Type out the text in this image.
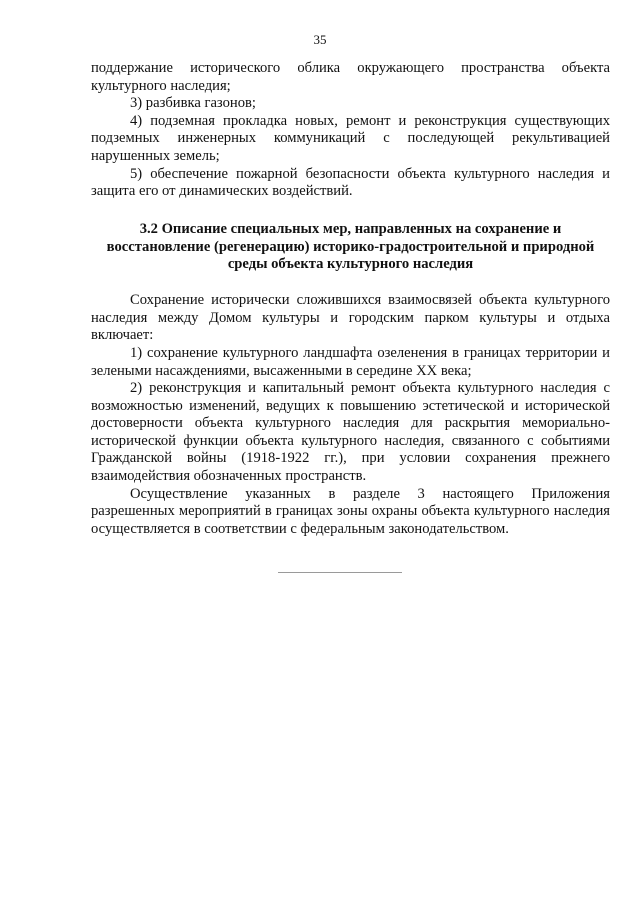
35

поддержание исторического облика окружающего пространства объекта культурного наследия;

3) разбивка газонов;

4) подземная прокладка новых, ремонт и реконструкция существующих подземных инженерных коммуникаций с последующей рекультивацией нарушенных земель;

5) обеспечение пожарной безопасности объекта культурного наследия и защита его от динамических воздействий.

3.2 Описание специальных мер, направленных на сохранение и восстановление (регенерацию) историко-градостроительной и природной среды объекта культурного наследия

Сохранение исторически сложившихся взаимосвязей объекта культурного наследия между Домом культуры и городским парком культуры и отдыха включает:

1) сохранение культурного ландшафта озеленения в границах территории и зелеными насаждениями, высаженными в середине XX века;

2) реконструкция и капитальный ремонт объекта культурного наследия с возможностью изменений, ведущих к повышению эстетической и исторической достоверности объекта культурного наследия для раскрытия мемориально-исторической функции объекта культурного наследия, связанного с событиями Гражданской войны (1918-1922 гг.), при условии сохранения прежнего взаимодействия обозначенных пространств.

Осуществление указанных в разделе 3 настоящего Приложения разрешенных мероприятий в границах зоны охраны объекта культурного наследия осуществляется в соответствии с федеральным законодательством.
